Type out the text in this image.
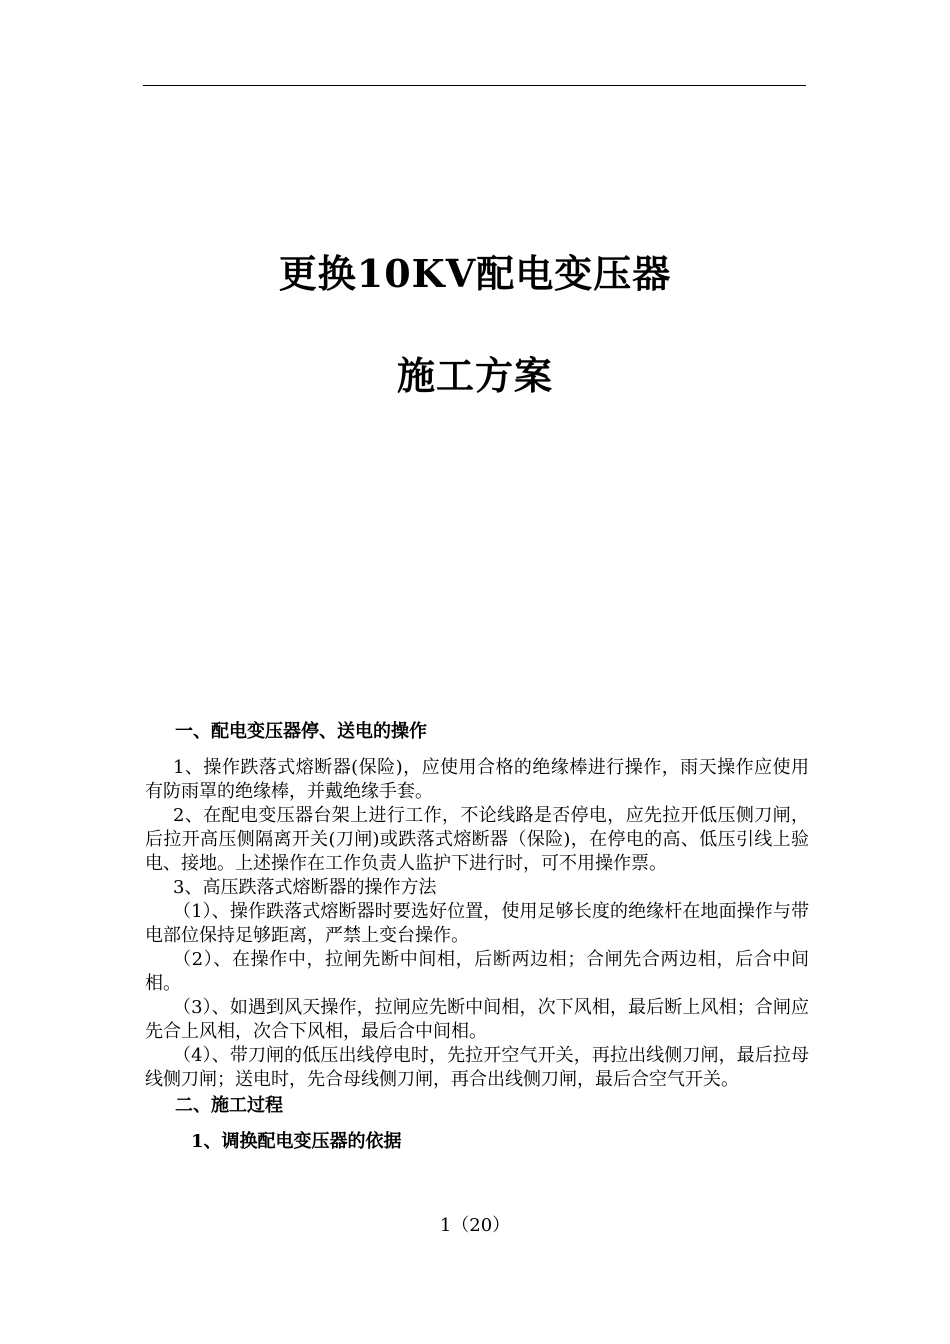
更换10KV配电变压器
施工方案

一、配电变压器停、送电的操作

1、操作跌落式熔断器(保险)，应使用合格的绝缘棒进行操作，雨天操作应使用有防雨罩的绝缘棒，并戴绝缘手套。

2、在配电变压器台架上进行工作，不论线路是否停电，应先拉开低压侧刀闸，后拉开高压侧隔离开关(刀闸)或跌落式熔断器（保险)，在停电的高、低压引线上验电、接地。上述操作在工作负责人监护下进行时，可不用操作票。

3、高压跌落式熔断器的操作方法

（1）、操作跌落式熔断器时要选好位置，使用足够长度的绝缘杆在地面操作与带电部位保持足够距离，严禁上变台操作。

（2）、在操作中，拉闸先断中间相，后断两边相；合闸先合两边相，后合中间相。

（3）、如遇到风天操作，拉闸应先断中间相，次下风相，最后断上风相；合闸应先合上风相，次合下风相，最后合中间相。

（4）、带刀闸的低压出线停电时，先拉开空气开关，再拉出线侧刀闸，最后拉母线侧刀闸；送电时，先合母线侧刀闸，再合出线侧刀闸，最后合空气开关。

二、施工过程

1、调换配电变压器的依据

1（20）
